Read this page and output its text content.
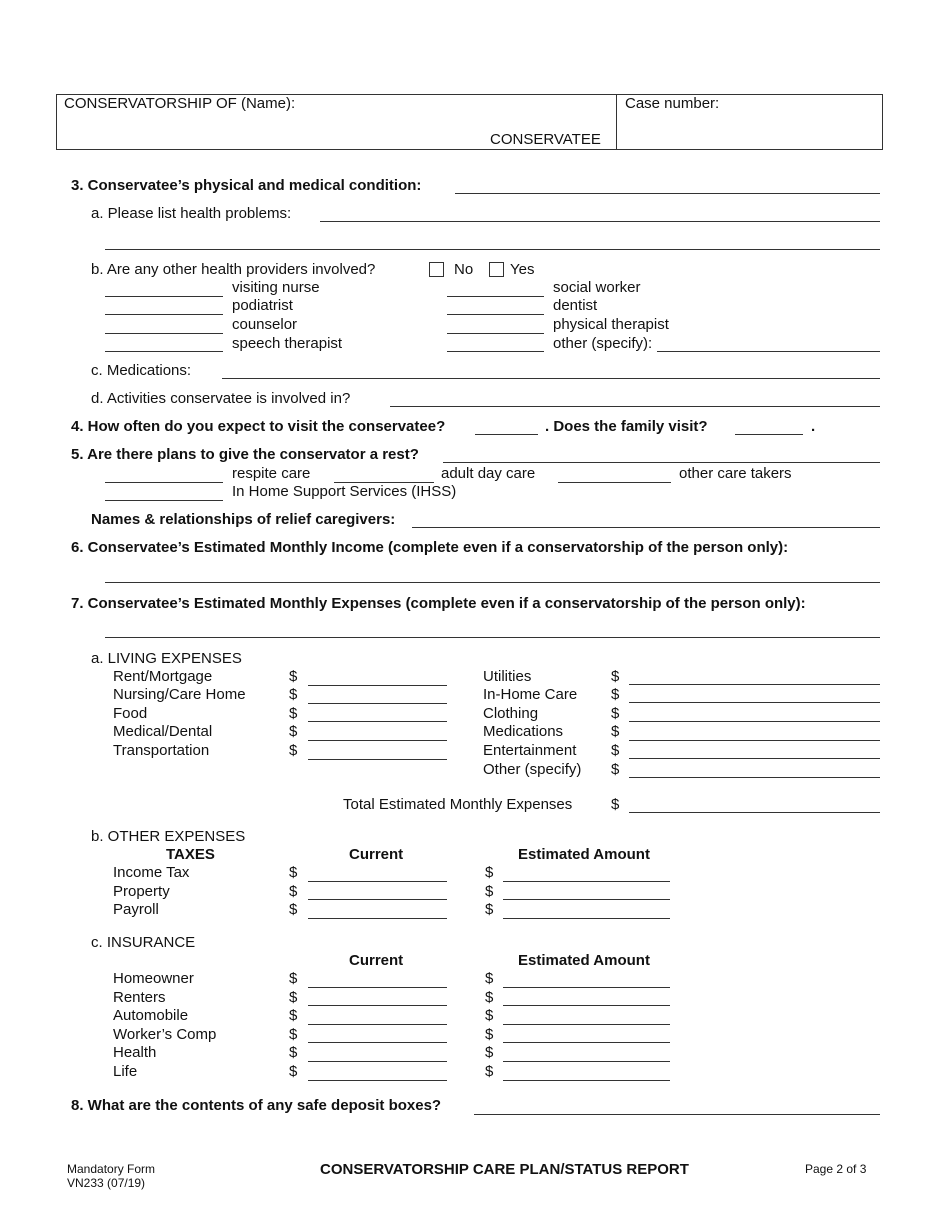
CONSERVATORSHIP OF (Name):
CONSERVATEE
Case number:
3. Conservatee’s physical and medical condition:
a. Please list health problems:
b. Are any other health providers involved?	No Yes
visiting nurse
podiatrist
counselor
speech therapist
social worker
dentist
physical therapist
other (specify):
c. Medications:
d. Activities conservatee is involved in?
4. How often do you expect to visit the conservatee?	. Does the family visit?	.
5. Are there plans to give the conservator a rest?
respite care	adult day care	other care takers
In Home Support Services (IHSS)
Names & relationships of relief caregivers:
6. Conservatee’s Estimated Monthly Income (complete even if a conservatorship of the person only):
7. Conservatee’s Estimated Monthly Expenses (complete even if a conservatorship of the person only):
a. LIVING EXPENSES
Rent/Mortgage	$
Nursing/Care Home	$
Food	$
Medical/Dental	$
Transportation	$
Utilities	$
In-Home Care $
Clothing	$
Medications	$
Entertainment $
Other (specify) $
Total Estimated Monthly Expenses	$
b. OTHER EXPENSES
TAXES	Current	Estimated Amount
Income Tax	$	$
Property	$	$
Payroll	$	$
c. INSURANCE
Current	Estimated Amount
Homeowner	$	$
Renters	$	$
Automobile	$	$
Worker’s Comp	$	$
Health	$	$
Life	$	$
8. What are the contents of any safe deposit boxes?
Mandatory Form
VN233 (07/19)
CONSERVATORSHIP CARE PLAN/STATUS REPORT	Page 2 of 3
